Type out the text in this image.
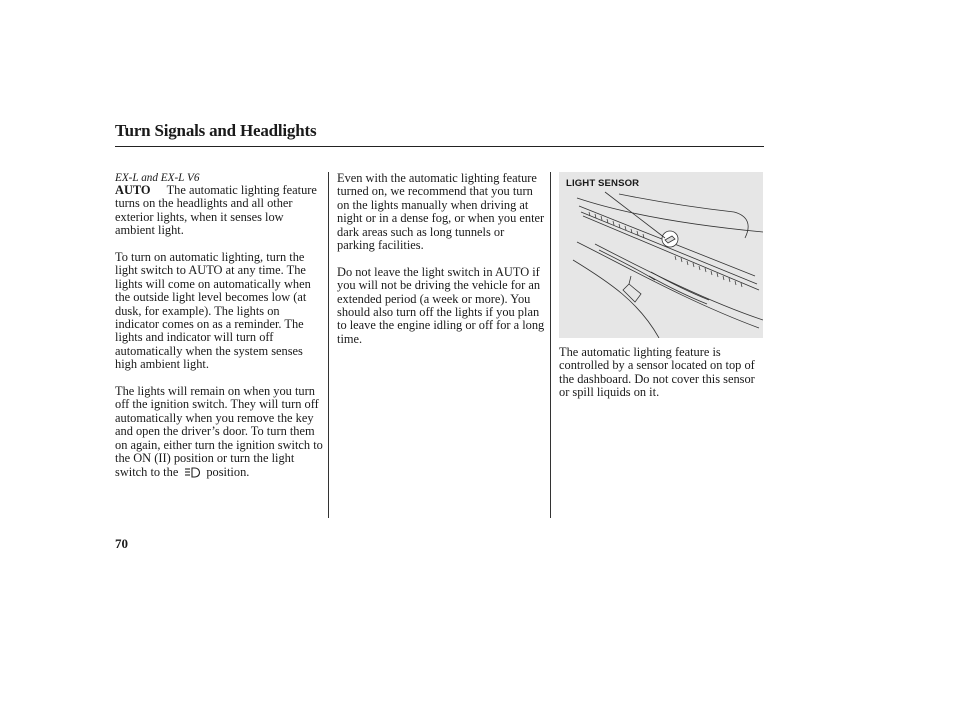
Turn Signals and Headlights
EX-L and EX-L V6

AUTO The automatic lighting feature turns on the headlights and all other exterior lights, when it senses low ambient light.

To turn on automatic lighting, turn the light switch to AUTO at any time. The lights will come on automatically when the outside light level becomes low (at dusk, for example). The lights on indicator comes on as a reminder. The lights and indicator will turn off automatically when the system senses high ambient light.

The lights will remain on when you turn off the ignition switch. They will turn off automatically when you remove the key and open the driver’s door. To turn them on again, either turn the ignition switch to the ON (II) position or turn the light switch to the position.

Even with the automatic lighting feature turned on, we recommend that you turn on the lights manually when driving at night or in a dense fog, or when you enter dark areas such as long tunnels or parking facilities.

Do not leave the light switch in AUTO if you will not be driving the vehicle for an extended period (a week or more). You should also turn off the lights if you plan to leave the engine idling or off for a long time.

LIGHT SENSOR

The automatic lighting feature is controlled by a sensor located on top of the dashboard. Do not cover this sensor or spill liquids on it.

70
